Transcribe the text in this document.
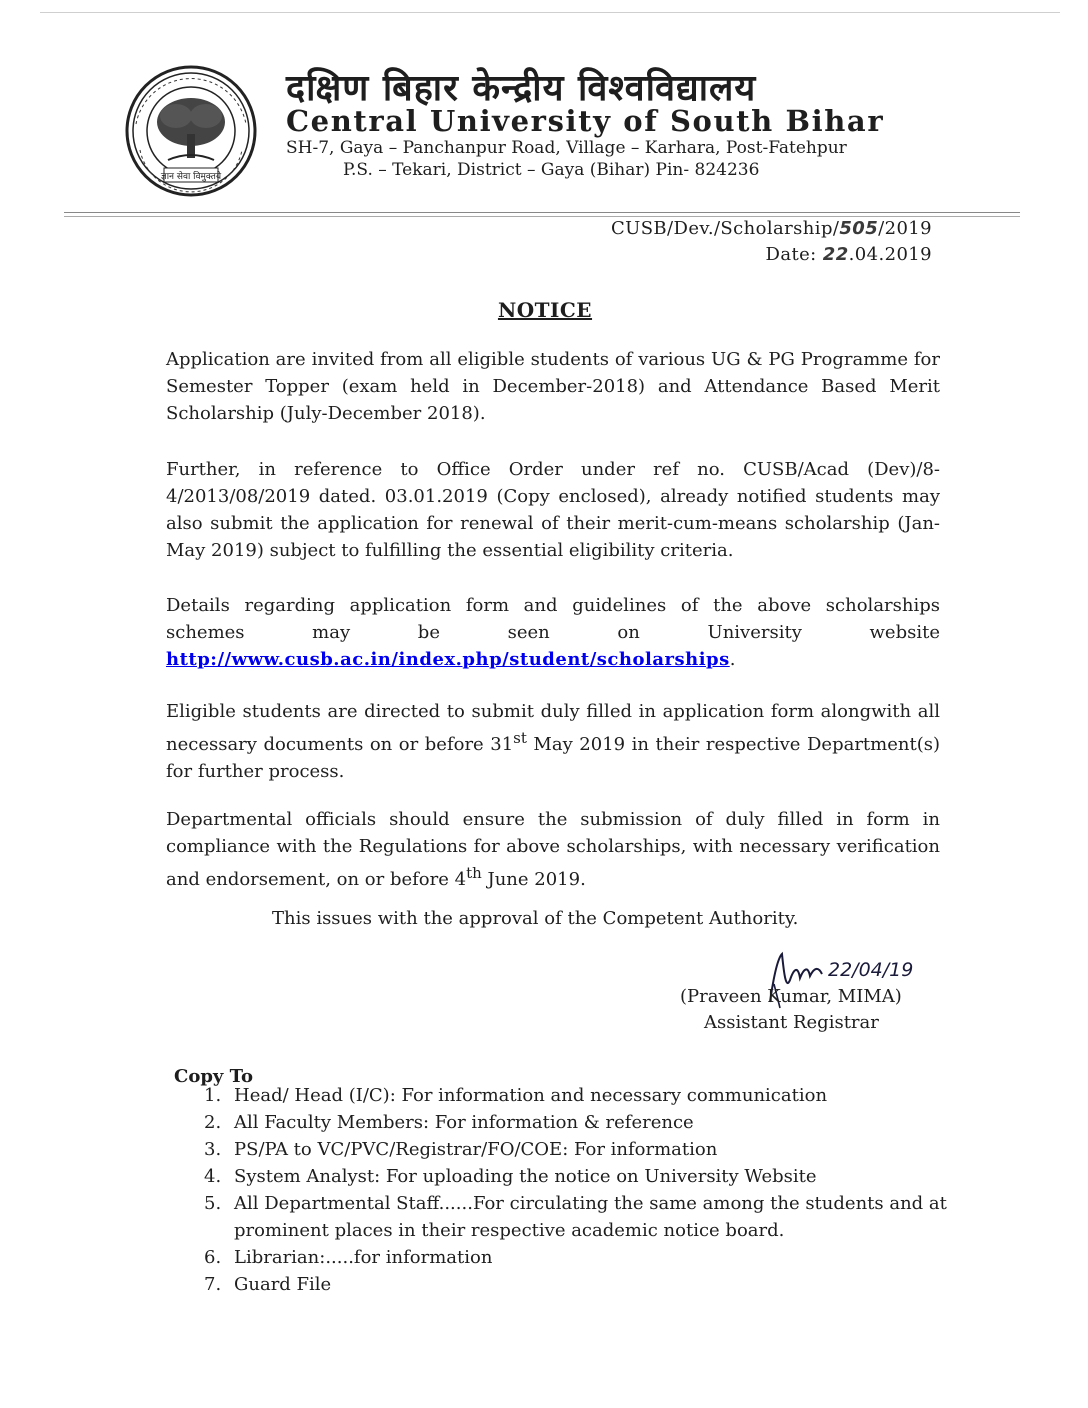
ज्ञान सेवा विमुक्तये
दक्षिण बिहार केन्द्रीय विश्वविद्यालय
Central University of South Bihar
SH-7, Gaya – Panchanpur Road, Village – Karhara, Post-Fatehpur
P.S. – Tekari, District – Gaya (Bihar) Pin- 824236
CUSB/Dev./Scholarship/505/2019
Date: 22.04.2019
NOTICE

Application are invited from all eligible students of various UG & PG Programme for Semester Topper (exam held in December-2018) and Attendance Based Merit Scholarship (July-December 2018).

Further, in reference to Office Order under ref no. CUSB/Acad (Dev)/8-4/2013/08/2019 dated. 03.01.2019 (Copy enclosed), already notified students may also submit the application for renewal of their merit-cum-means scholarship (Jan-May 2019) subject to fulfilling the essential eligibility criteria.

Details regarding application form and guidelines of the above scholarships schemes may be seen on University website http://www.cusb.ac.in/index.php/student/scholarships.

Eligible students are directed to submit duly filled in application form alongwith all necessary documents on or before 31st May 2019 in their respective Department(s) for further process.

Departmental officials should ensure the submission of duly filled in form in compliance with the Regulations for above scholarships, with necessary verification and endorsement, on or before 4th June 2019.

This issues with the approval of the Competent Authority.
22/04/19
(Praveen Kumar, MIMA)
Assistant Registrar
Copy To
1. Head/ Head (I/C): For information and necessary communication
2. All Faculty Members: For information & reference
3. PS/PA to VC/PVC/Registrar/FO/COE: For information
4. System Analyst: For uploading the notice on University Website
5. All Departmental Staff......For circulating the same among the students and at prominent places in their respective academic notice board.
6. Librarian:.....for information
7. Guard File
